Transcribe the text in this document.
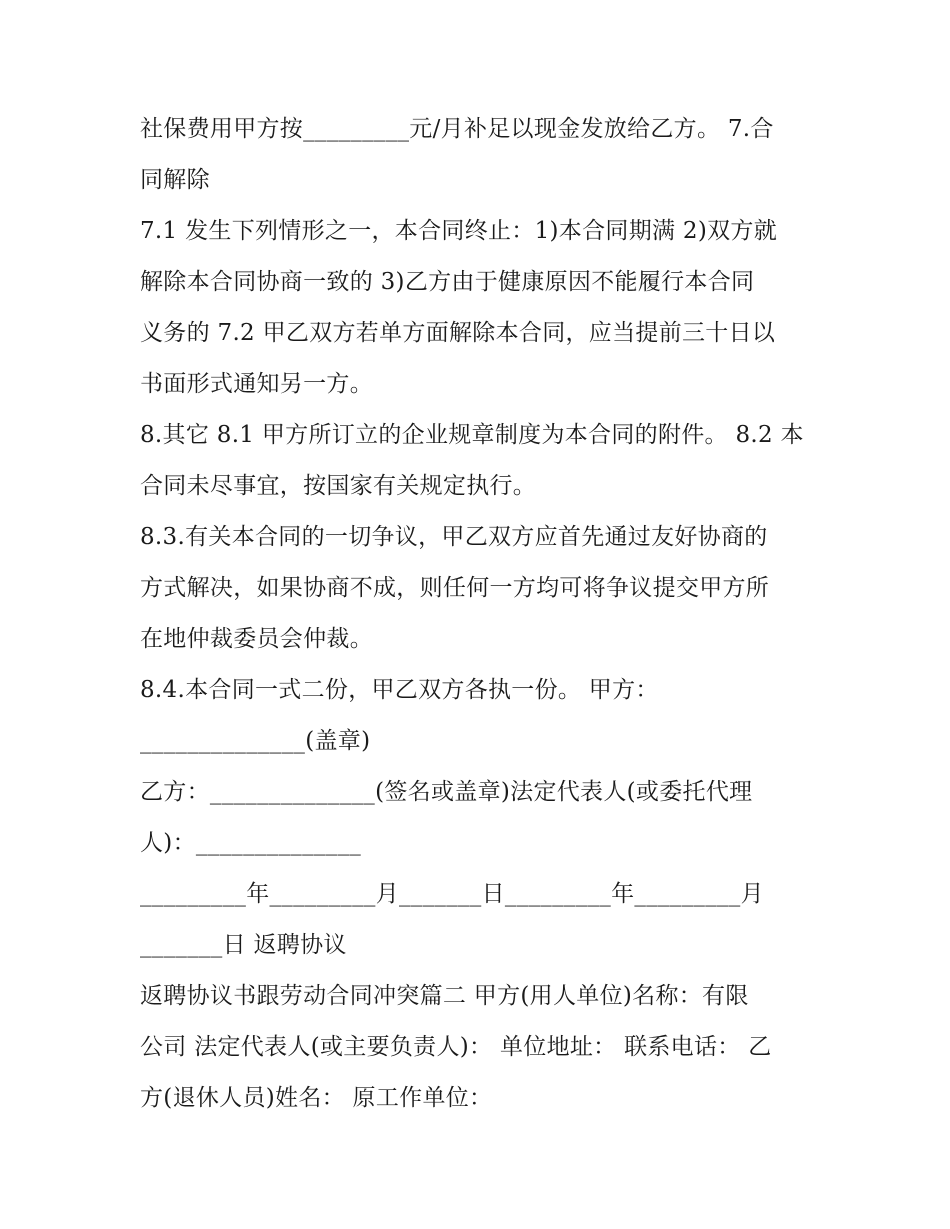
社保费用甲方按_________元/月补足以现金发放给乙方。 7.合
同解除
7.1 发生下列情形之一，本合同终止：1)本合同期满 2)双方就
解除本合同协商一致的 3)乙方由于健康原因不能履行本合同
义务的 7.2 甲乙双方若单方面解除本合同，应当提前三十日以
书面形式通知另一方。
8.其它 8.1 甲方所订立的企业规章制度为本合同的附件。 8.2 本
合同未尽事宜，按国家有关规定执行。
8.3.有关本合同的一切争议，甲乙双方应首先通过友好协商的
方式解决，如果协商不成，则任何一方均可将争议提交甲方所
在地仲裁委员会仲裁。
8.4.本合同一式二份，甲乙双方各执一份。 甲方：
______________(盖章)
乙方：______________(签名或盖章)法定代表人(或委托代理
人)：______________
_________年_________月_______日_________年_________月
_______日 返聘协议
返聘协议书跟劳动合同冲突篇二 甲方(用人单位)名称：有限
公司 法定代表人(或主要负责人)： 单位地址： 联系电话： 乙
方(退休人员)姓名： 原工作单位：
